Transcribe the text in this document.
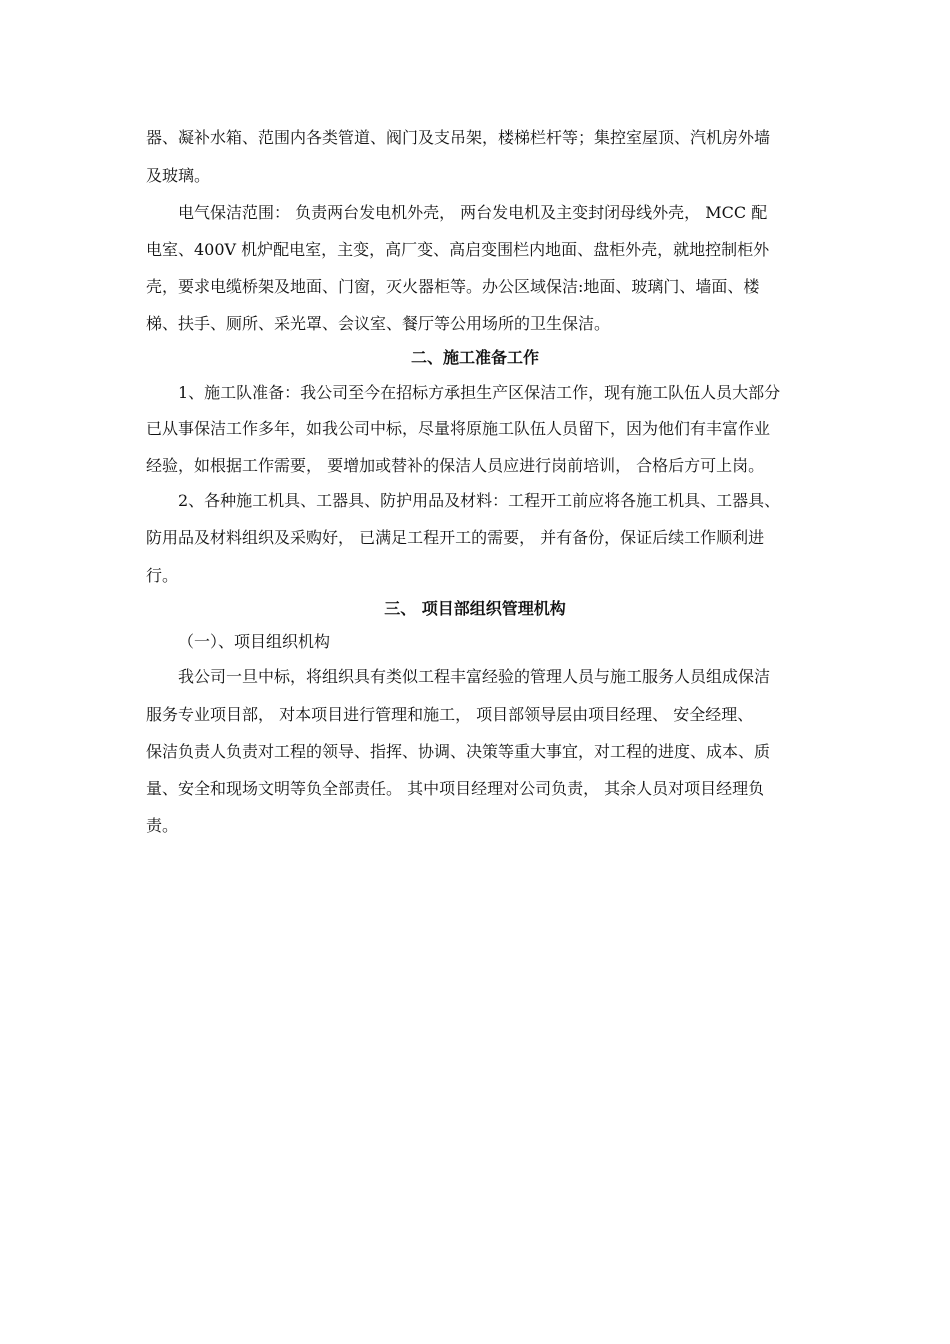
器、凝补水箱、范围内各类管道、阀门及支吊架，楼梯栏杆等；集控室屋顶、汽机房外墙
及玻璃。
电气保洁范围： 负责两台发电机外壳， 两台发电机及主变封闭母线外壳， MCC 配
电室、400V 机炉配电室，主变，高厂变、高启变围栏内地面、盘柜外壳，就地控制柜外
壳，要求电缆桥架及地面、门窗，灭火器柜等。办公区域保洁:地面、玻璃门、墙面、楼
梯、扶手、厕所、采光罩、会议室、餐厅等公用场所的卫生保洁。
二、施工准备工作
1、施工队准备：我公司至今在招标方承担生产区保洁工作，现有施工队伍人员大部分
已从事保洁工作多年，如我公司中标，尽量将原施工队伍人员留下，因为他们有丰富作业
经验，如根据工作需要， 要增加或替补的保洁人员应进行岗前培训， 合格后方可上岗。
2、各种施工机具、工器具、防护用品及材料：工程开工前应将各施工机具、工器具、
防用品及材料组织及采购好， 已满足工程开工的需要， 并有备份，保证后续工作顺利进
行。
三、 项目部组织管理机构
（一）、项目组织机构
我公司一旦中标，将组织具有类似工程丰富经验的管理人员与施工服务人员组成保洁
服务专业项目部， 对本项目进行管理和施工， 项目部领导层由项目经理、 安全经理、
保洁负责人负责对工程的领导、指挥、协调、决策等重大事宜，对工程的进度、成本、质
量、安全和现场文明等负全部责任。 其中项目经理对公司负责， 其余人员对项目经理负
责。
